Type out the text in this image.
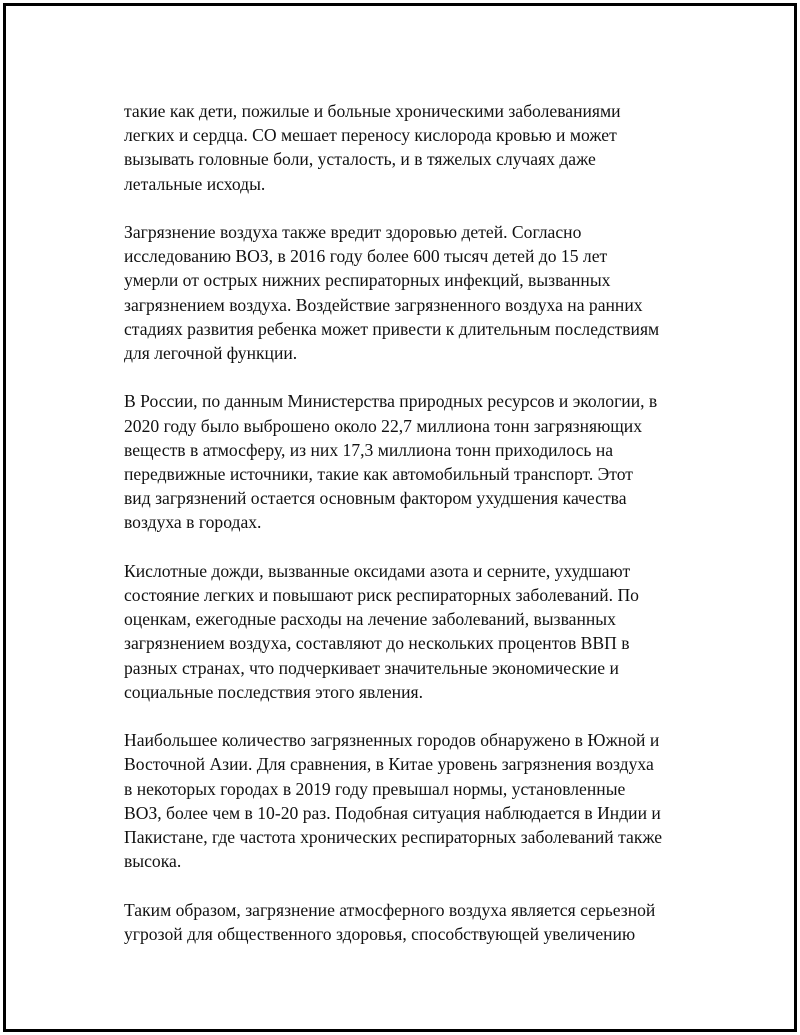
такие как дети, пожилые и больные хроническими заболеваниями
легких и сердца. CO мешает переносу кислорода кровью и может
вызывать головные боли, усталость, и в тяжелых случаях даже
летальные исходы.

Загрязнение воздуха также вредит здоровью детей. Согласно
исследованию ВОЗ, в 2016 году более 600 тысяч детей до 15 лет
умерли от острых нижних респираторных инфекций, вызванных
загрязнением воздуха. Воздействие загрязненного воздуха на ранних
стадиях развития ребенка может привести к длительным последствиям
для легочной функции.

В России, по данным Министерства природных ресурсов и экологии, в
2020 году было выброшено около 22,7 миллиона тонн загрязняющих
веществ в атмосферу, из них 17,3 миллиона тонн приходилось на
передвижные источники, такие как автомобильный транспорт. Этот
вид загрязнений остается основным фактором ухудшения качества
воздуха в городах.

Кислотные дожди, вызванные оксидами азота и серните, ухудшают
состояние легких и повышают риск респираторных заболеваний. По
оценкам, ежегодные расходы на лечение заболеваний, вызванных
загрязнением воздуха, составляют до нескольких процентов ВВП в
разных странах, что подчеркивает значительные экономические и
социальные последствия этого явления.

Наибольшее количество загрязненных городов обнаружено в Южной и
Восточной Азии. Для сравнения, в Китае уровень загрязнения воздуха
в некоторых городах в 2019 году превышал нормы, установленные
ВОЗ, более чем в 10-20 раз. Подобная ситуация наблюдается в Индии и
Пакистане, где частота хронических респираторных заболеваний также
высока.

Таким образом, загрязнение атмосферного воздуха является серьезной
угрозой для общественного здоровья, способствующей увеличению
